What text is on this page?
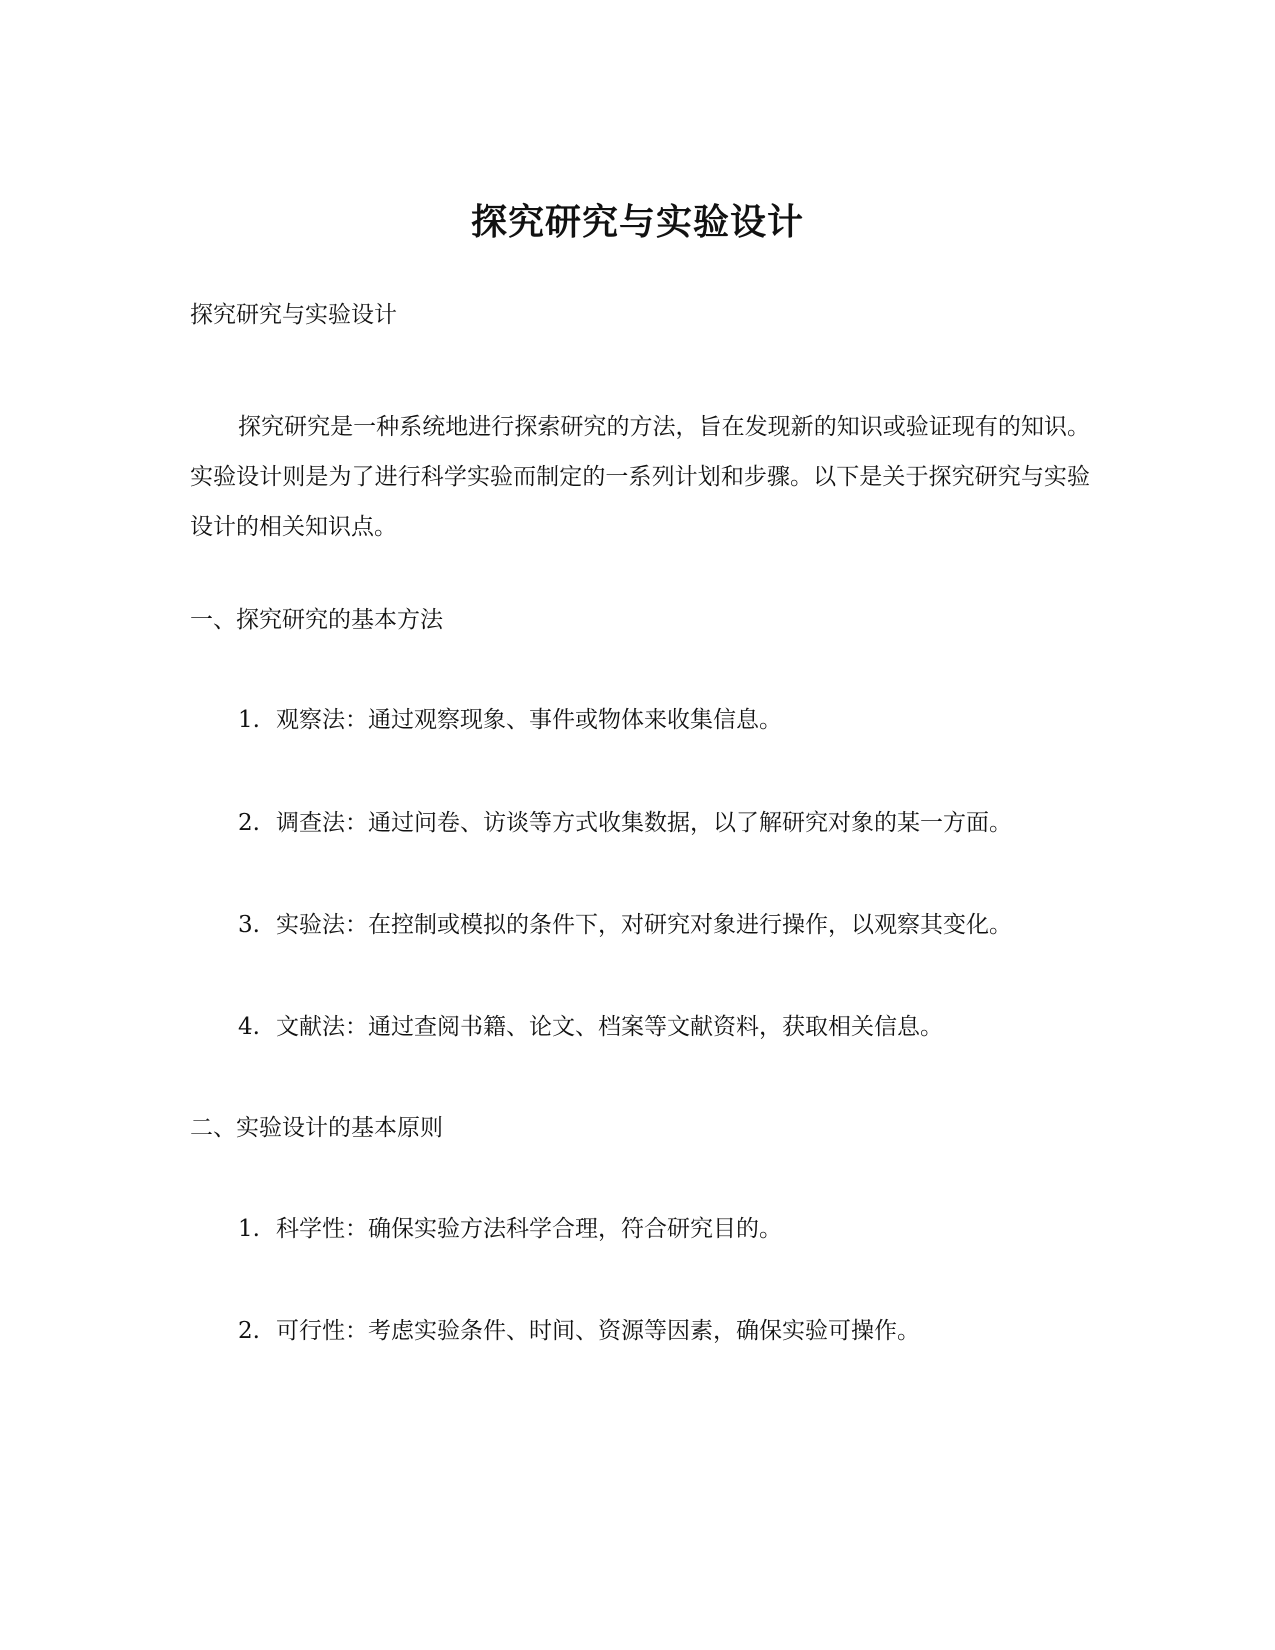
探究研究与实验设计
探究研究与实验设计
探究研究是一种系统地进行探索研究的方法，旨在发现新的知识或验证现有的知识。实验设计则是为了进行科学实验而制定的一系列计划和步骤。以下是关于探究研究与实验设计的相关知识点。
一、探究研究的基本方法
1. 观察法：通过观察现象、事件或物体来收集信息。
2. 调查法：通过问卷、访谈等方式收集数据，以了解研究对象的某一方面。
3. 实验法：在控制或模拟的条件下，对研究对象进行操作，以观察其变化。
4. 文献法：通过查阅书籍、论文、档案等文献资料，获取相关信息。
二、实验设计的基本原则
1. 科学性：确保实验方法科学合理，符合研究目的。
2. 可行性：考虑实验条件、时间、资源等因素，确保实验可操作。
